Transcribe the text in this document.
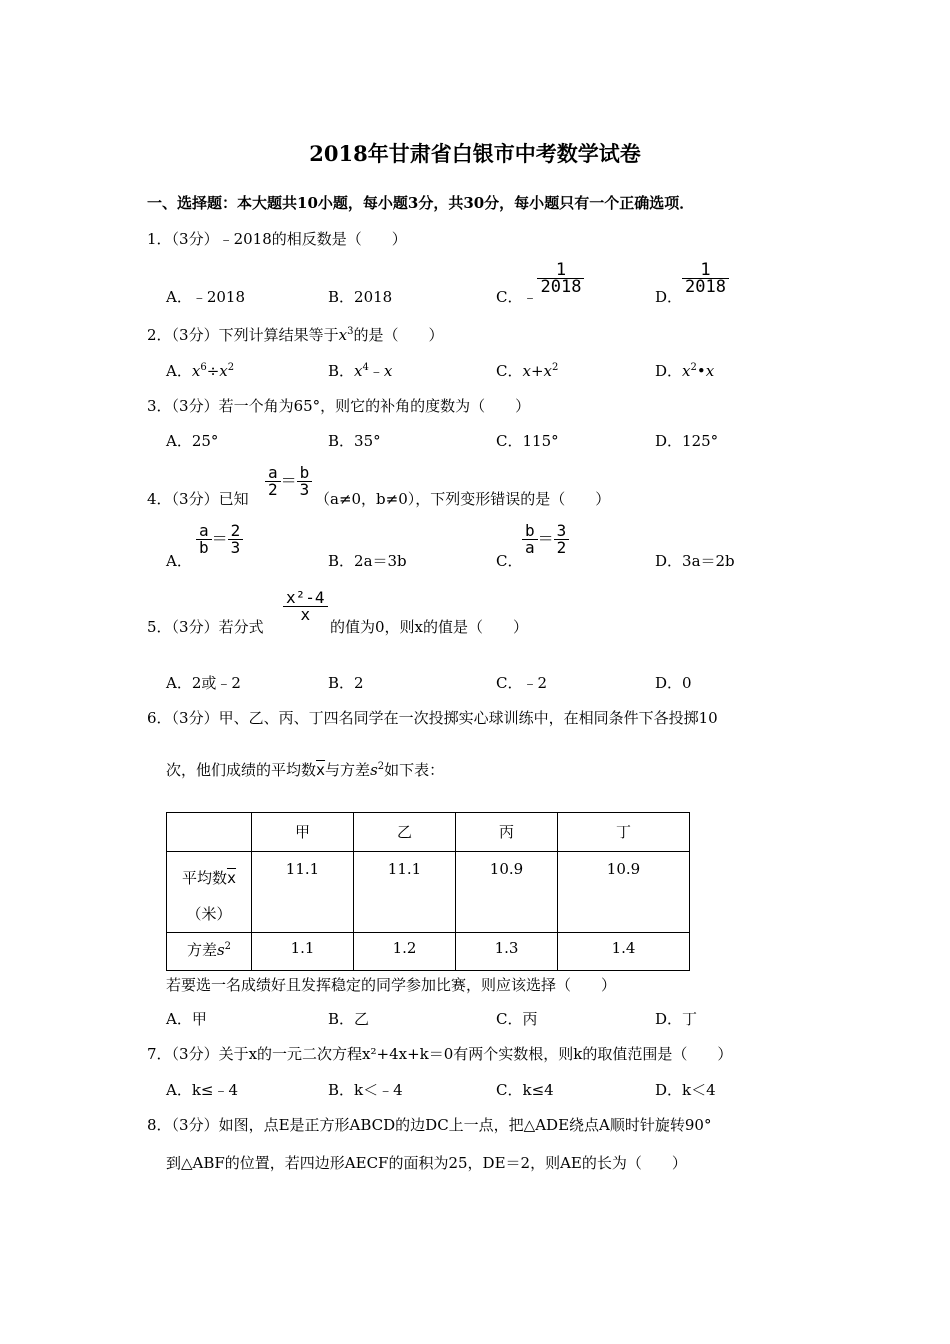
2018年甘肃省白银市中考数学试卷
一、选择题：本大题共10小题，每小题3分，共30分，每小题只有一个正确选项．
1．（3分）﹣2018的相反数是（　　）
A．﹣2018	B．2018	C．﹣
$\frac{1}{2018}$
D．
$\frac{1}{2018}$
2．（3分）下列计算结果等于$x^3$的是（　　）
A．$x^6\div x^2$	B．$x^4﹣x$	C．$x+x^2$	D．$x^2•x$
3．（3分）若一个角为65°，则它的补角的度数为（　　）
A．25°	B．35°	C．115°	D．125°
4．（3分）已知
$\frac{a}{2} = \frac{b}{3}$
（a≠0，b≠0），下列变形错误的是（　　）
A．
$\frac{a}{b} = \frac{2}{3}$
B．2a＝3b	C．
$\frac{b}{a} = \frac{3}{2}$
D．3a＝2b
5．（3分）若分式
$\frac{\text{x²-4}}{x}$
的值为0，则x的值是（　　）
A．2或﹣2	B．2	C．﹣2	D．0
6．（3分）甲、乙、丙、丁四名同学在一次投掷实心球训练中，在相同条件下各投掷10
次，他们成绩的平均数$\overline{x}$与方差$s^2$如下表：
	甲	乙	丙	丁
平均数$\overline{x}$
（米）	11.1	11.1	10.9	10.9
方差$s^2$	1.1	1.2	1.3	1.4
若要选一名成绩好且发挥稳定的同学参加比赛，则应该选择（　　）
A．甲	B．乙	C．丙	D．丁
7．（3分）关于x的一元二次方程x²+4x+k＝0有两个实数根，则k的取值范围是（　　）
A．k≤﹣4	B．k＜﹣4	C．k≤4	D．k＜4
8．（3分）如图，点E是正方形ABCD的边DC上一点，把△ADE绕点A顺时针旋转90°
到△ABF的位置，若四边形AECF的面积为25，DE＝2，则AE的长为（　　）
